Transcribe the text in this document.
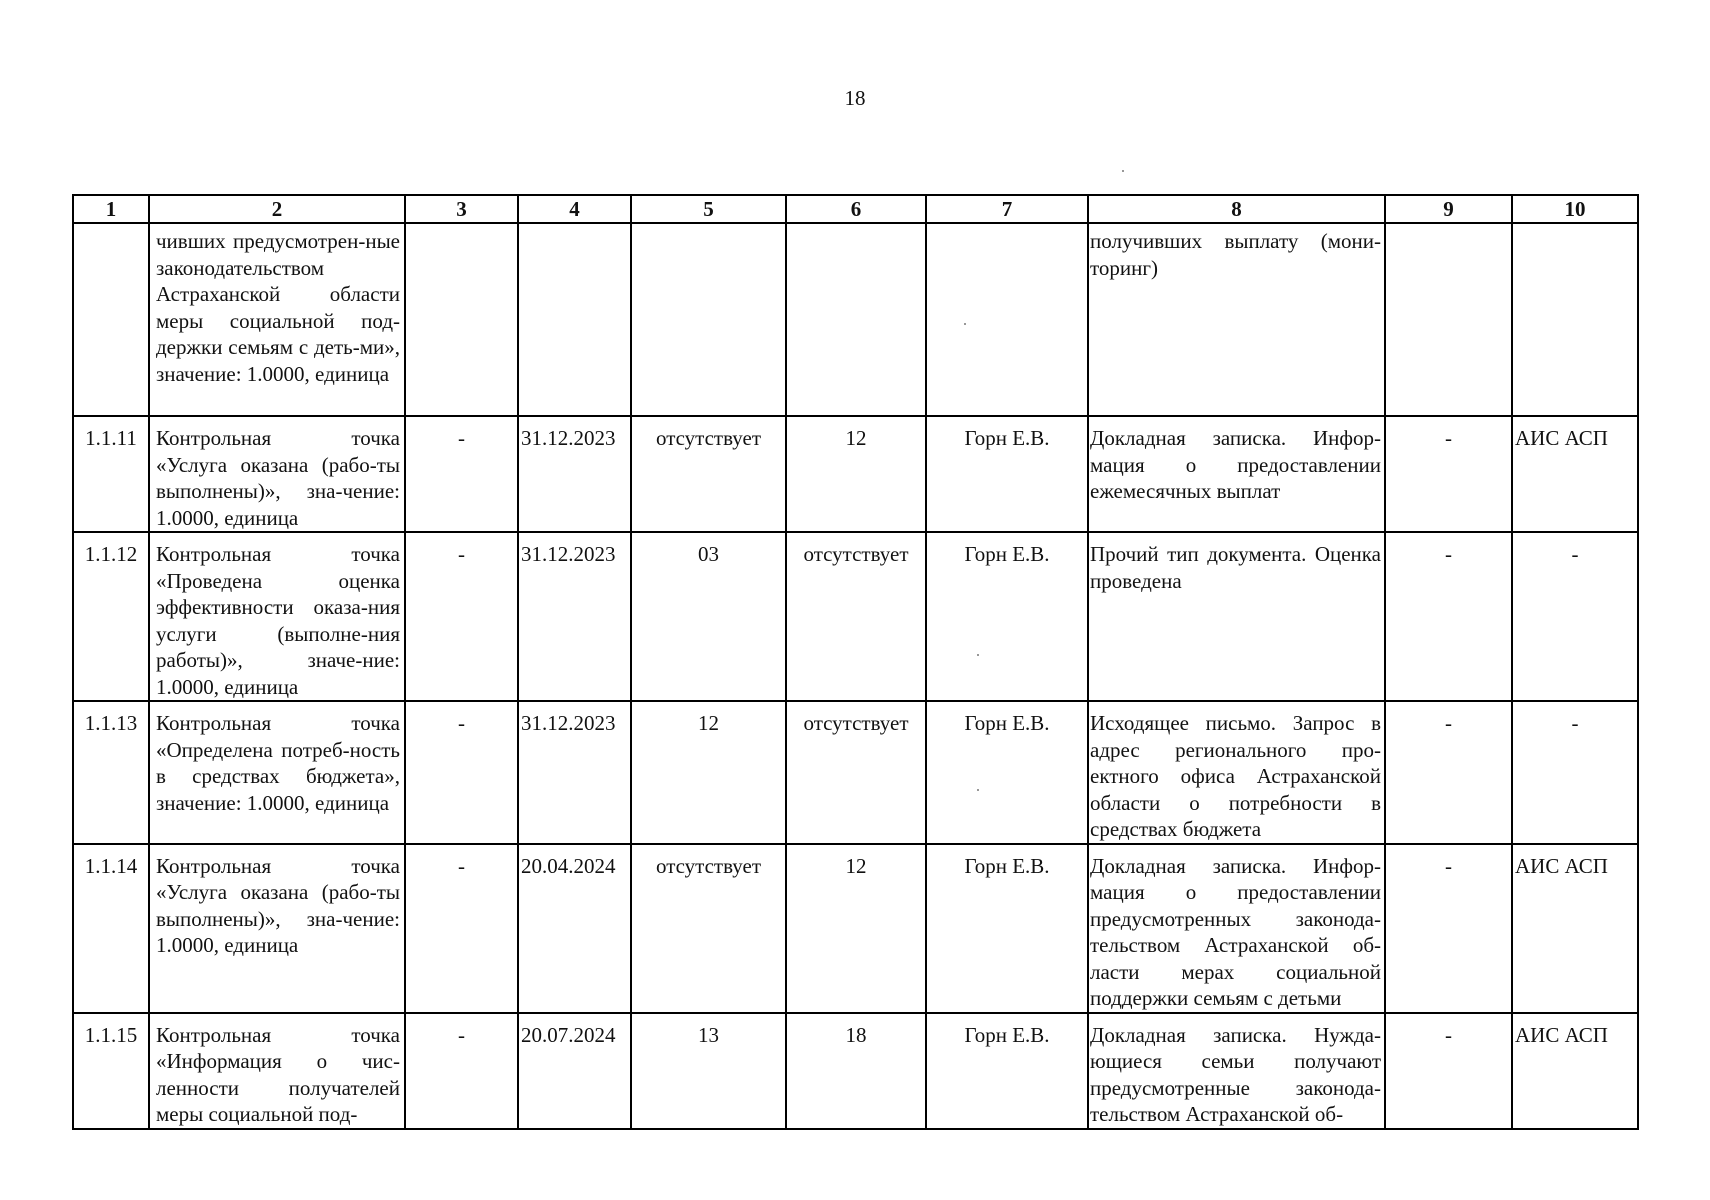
18
1	2	3	4	5	6	7	8	9	10
	чивших предусмотрен-ные законодательством Астраханской области меры социальной под-держки семьям с деть-ми», значение: 1.0000, единица						получивших выплату (мони-торинг)		
1.1.11	Контрольная точка «Услуга оказана (рабо-ты выполнены)», зна-чение: 1.0000, единица	-	31.12.2023	отсутствует	12	Горн Е.В.	Докладная записка. Инфор-мация о предоставлении ежемесячных выплат	-	АИС АСП
1.1.12	Контрольная точка «Проведена оценка эффективности оказа-ния услуги (выполне-ния работы)», значе-ние: 1.0000, единица	-	31.12.2023	03	отсутствует	Горн Е.В.	Прочий тип документа. Оценка проведена	-	-
1.1.13	Контрольная точка «Определена потреб-ность в средствах бюджета», значение: 1.0000, единица	-	31.12.2023	12	отсутствует	Горн Е.В.	Исходящее письмо. Запрос в адрес регионального про-ектного офиса Астраханской области о потребности в средствах бюджета	-	-
1.1.14	Контрольная точка «Услуга оказана (рабо-ты выполнены)», зна-чение: 1.0000, единица	-	20.04.2024	отсутствует	12	Горн Е.В.	Докладная записка. Инфор-мация о предоставлении предусмотренных законода-тельством Астраханской об-ласти мерах социальной поддержки семьям с детьми	-	АИС АСП
1.1.15	Контрольная точка «Информация о чис-ленности получателей меры социальной под-	-	20.07.2024	13	18	Горн Е.В.	Докладная записка. Нужда-ющиеся семьи получают предусмотренные законода-тельством Астраханской об-	-	АИС АСП
